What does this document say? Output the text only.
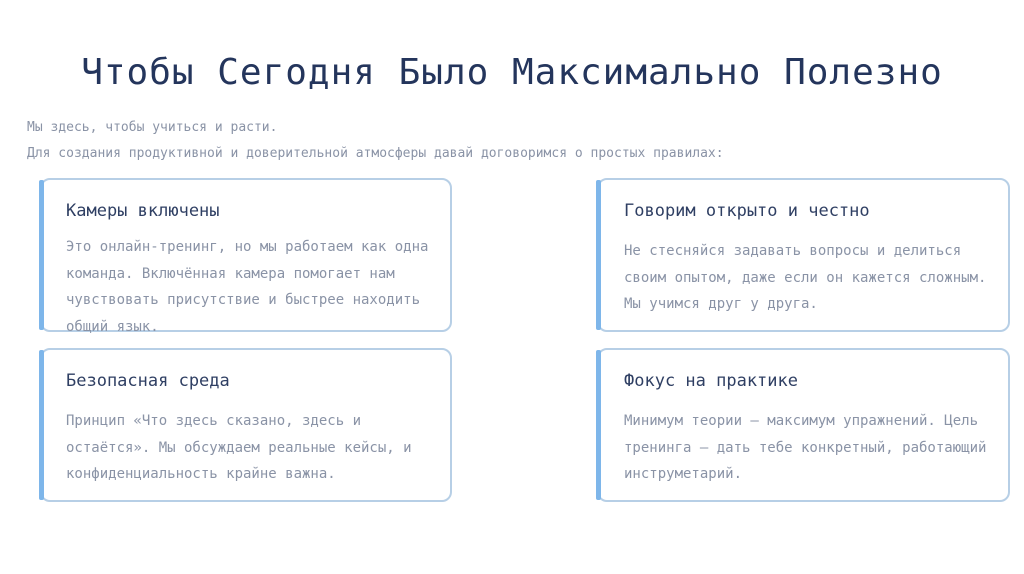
Чтобы Сегодня Было Максимально Полезно
Мы здесь, чтобы учиться и расти.
Для создания продуктивной и доверительной атмосферы давай договоримся о простых правилах:
Камеры включены
Это онлайн-тренинг, но мы работаем как одна команда. Включённая камера помогает нам чувствовать присутствие и быстрее находить общий язык.
Говорим открыто и честно
Не стесняйся задавать вопросы и делиться своим опытом, даже если он кажется сложным. Мы учимся друг у друга.
Безопасная среда
Принцип «Что здесь сказано, здесь и остаётся». Мы обсуждаем реальные кейсы, и конфиденциальность крайне важна.
Фокус на практике
Минимум теории — максимум упражнений. Цель тренинга — дать тебе конкретный, работающий инструметарий.
